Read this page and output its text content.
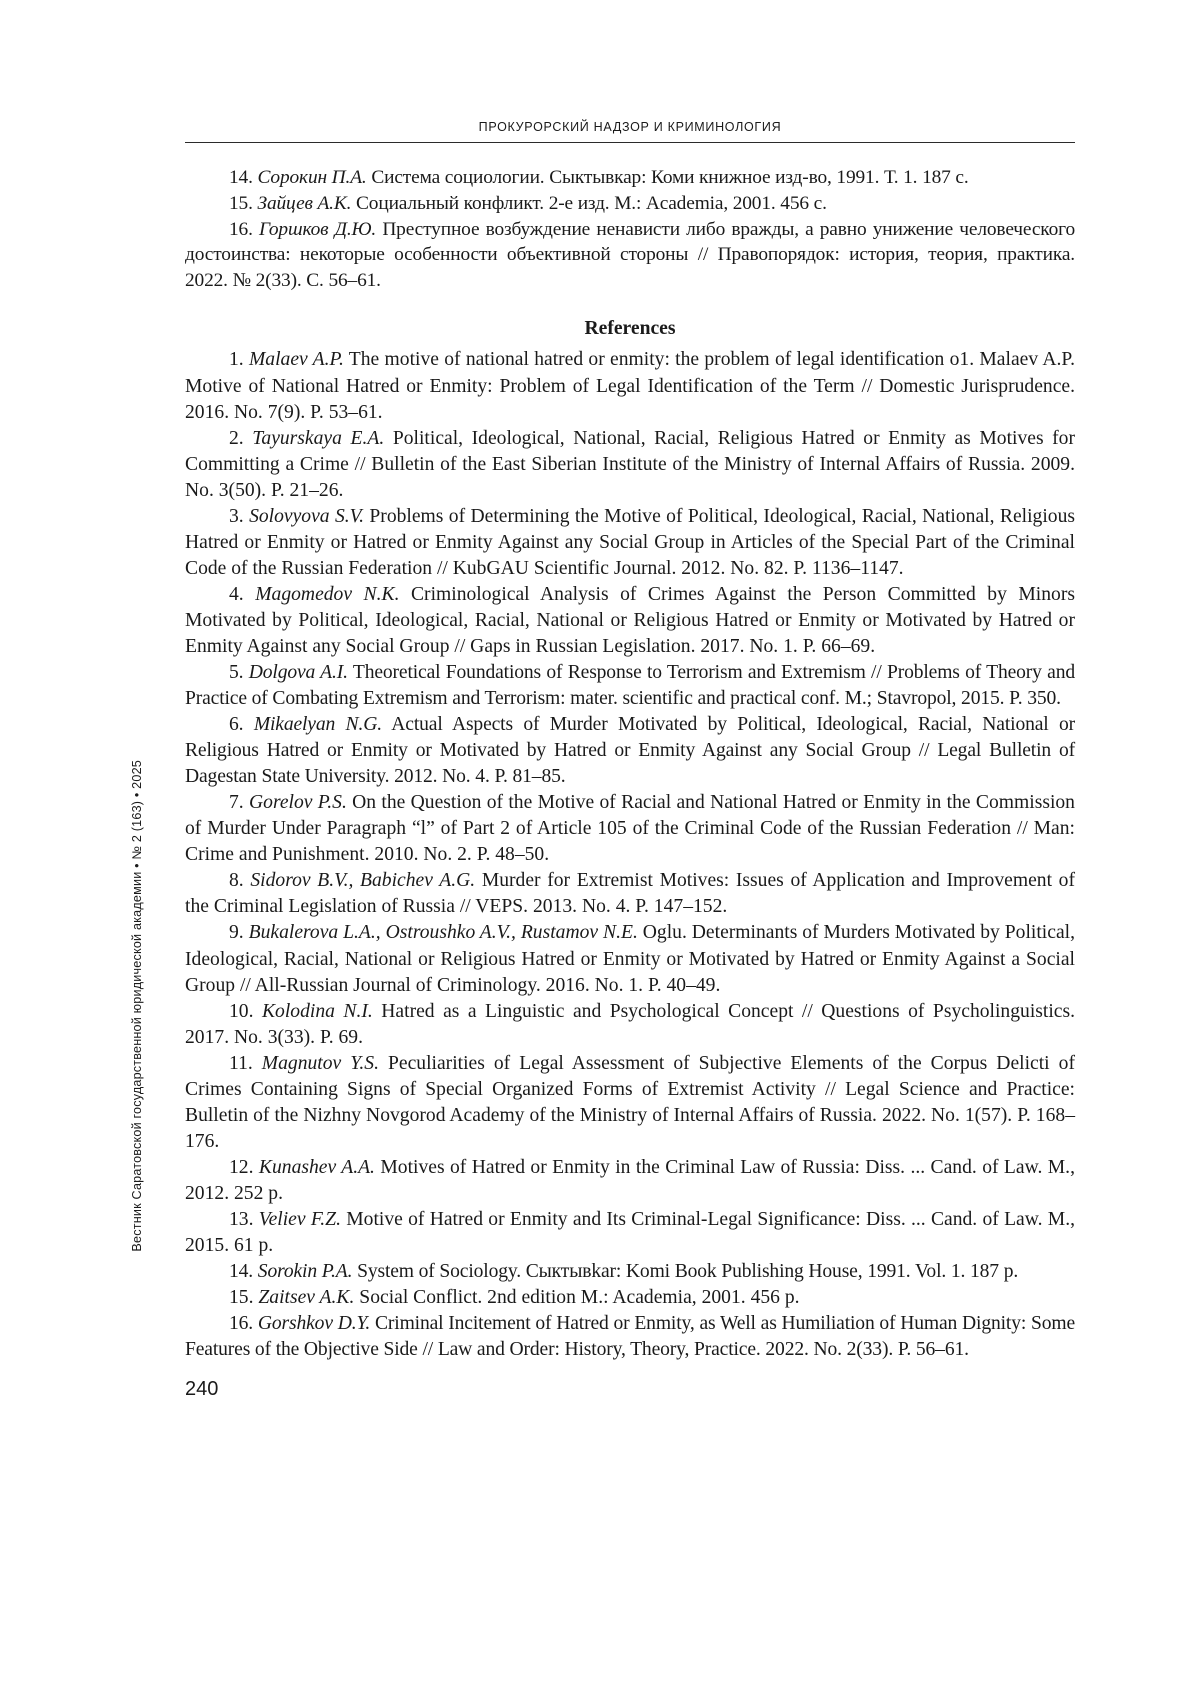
ПРОКУРОРСКИЙ НАДЗОР И КРИМИНОЛОГИЯ
Вестник Саратовской государственной юридической академии • № 2 (163) • 2025

14. Сорокин П.А. Система социологии. Сыктывкар: Коми книжное изд-во, 1991. Т. 1. 187 с.

15. Зайцев А.К. Социальный конфликт. 2-е изд. М.: Academia, 2001. 456 с.

16. Горшков Д.Ю. Преступное возбуждение ненависти либо вражды, а равно унижение человеческого достоинства: некоторые особенности объективной стороны // Правопорядок: история, теория, практика. 2022. № 2(33). С. 56–61.

References

1. Malaev A.P. The motive of national hatred or enmity: the problem of legal identification o1. Malaev A.P. Motive of National Hatred or Enmity: Problem of Legal Identification of the Term // Domestic Jurisprudence. 2016. No. 7(9). P. 53–61.

2. Tayurskaya E.A. Political, Ideological, National, Racial, Religious Hatred or Enmity as Motives for Committing a Crime // Bulletin of the East Siberian Institute of the Ministry of Internal Affairs of Russia. 2009. No. 3(50). P. 21–26.

3. Solovyova S.V. Problems of Determining the Motive of Political, Ideological, Racial, National, Religious Hatred or Enmity or Hatred or Enmity Against any Social Group in Articles of the Special Part of the Criminal Code of the Russian Federation // KubGAU Scientific Journal. 2012. No. 82. P. 1136–1147.

4. Magomedov N.K. Criminological Analysis of Crimes Against the Person Committed by Minors Motivated by Political, Ideological, Racial, National or Religious Hatred or Enmity or Motivated by Hatred or Enmity Against any Social Group // Gaps in Russian Legislation. 2017. No. 1. P. 66–69.

5. Dolgova A.I. Theoretical Foundations of Response to Terrorism and Extremism // Problems of Theory and Practice of Combating Extremism and Terrorism: mater. scientific and practical conf. M.; Stavropol, 2015. P. 350.

6. Mikaelyan N.G. Actual Aspects of Murder Motivated by Political, Ideological, Racial, National or Religious Hatred or Enmity or Motivated by Hatred or Enmity Against any Social Group // Legal Bulletin of Dagestan State University. 2012. No. 4. P. 81–85.

7. Gorelov P.S. On the Question of the Motive of Racial and National Hatred or Enmity in the Commission of Murder Under Paragraph “l” of Part 2 of Article 105 of the Criminal Code of the Russian Federation // Man: Crime and Punishment. 2010. No. 2. P. 48–50.

8. Sidorov B.V., Babichev A.G. Murder for Extremist Motives: Issues of Application and Improvement of the Criminal Legislation of Russia // VEPS. 2013. No. 4. P. 147–152.

9. Bukalerova L.A., Ostroushko A.V., Rustamov N.E. Oglu. Determinants of Murders Motivated by Political, Ideological, Racial, National or Religious Hatred or Enmity or Motivated by Hatred or Enmity Against a Social Group // All-Russian Journal of Criminology. 2016. No. 1. P. 40–49.

10. Kolodina N.I. Hatred as a Linguistic and Psychological Concept // Questions of Psycholinguistics. 2017. No. 3(33). P. 69.

11. Magnutov Y.S. Peculiarities of Legal Assessment of Subjective Elements of the Corpus Delicti of Crimes Containing Signs of Special Organized Forms of Extremist Activity // Legal Science and Practice: Bulletin of the Nizhny Novgorod Academy of the Ministry of Internal Affairs of Russia. 2022. No. 1(57). P. 168–176.

12. Kunashev A.A. Motives of Hatred or Enmity in the Criminal Law of Russia: Diss. ... Cand. of Law. M., 2012. 252 p.

13. Veliev F.Z. Motive of Hatred or Enmity and Its Criminal-Legal Significance: Diss. ... Cand. of Law. M., 2015. 61 p.

14. Sorokin P.A. System of Sociology. Сыктывkar: Komi Book Publishing House, 1991. Vol. 1. 187 p.

15. Zaitsev A.K. Social Conflict. 2nd edition M.: Academia, 2001. 456 p.

16. Gorshkov D.Y. Criminal Incitement of Hatred or Enmity, as Well as Humiliation of Human Dignity: Some Features of the Objective Side // Law and Order: History, Theory, Practice. 2022. No. 2(33). P. 56–61.

240
